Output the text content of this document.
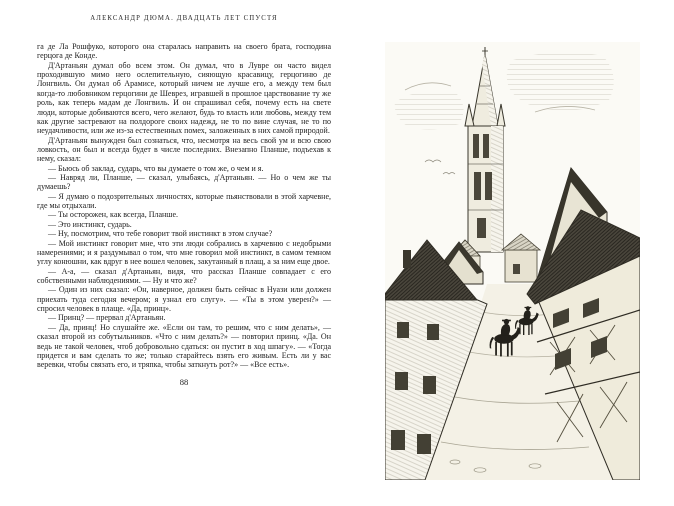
АЛЕКСАНДР ДЮМА. ДВАДЦАТЬ ЛЕТ СПУСТЯ

га де Ла Рошфуко, которого она старалась направить на своего брата, господина герцога де Конде.

Д'Артаньян думал обо всем этом. Он думал, что в Лувре он часто видел проходившую мимо него ослепительную, сияющую красавицу, герцогиню де Лонгвиль. Он думал об Арамисе, который ничем не лучше его, а между тем был когда-то любовником герцогини де Шеврез, игравшей в прошлое царствование ту же роль, как теперь мадам де Лонгвиль. И он спрашивал себя, почему есть на свете люди, которые добиваются всего, чего желают, будь то власть или любовь, между тем как другие застревают на полдороге своих надежд, не то по вине случая, не то по неудачливости, или же из-за естественных помех, заложенных в них самой природой.

Д'Артаньян вынужден был сознаться, что, несмотря на весь свой ум и всю свою ловкость, он был и всегда будет в числе последних. Внезапно Планше, подъехав к нему, сказал:

— Бьюсь об заклад, сударь, что вы думаете о том же, о чем и я.

— Навряд ли, Планше, — сказал, улыбаясь, д'Артаньян. — Но о чем же ты думаешь?

— Я думаю о подозрительных личностях, которые пьянствовали в этой харчевне, где мы отдыхали.

— Ты осторожен, как всегда, Планше.

— Это инстинкт, сударь.

— Ну, посмотрим, что тебе говорит твой инстинкт в этом случае?

— Мой инстинкт говорит мне, что эти люди собрались в харчевню с недобрыми намерениями; и я раздумывал о том, что мне говорил мой инстинкт, в самом темном углу конюшни, как вдруг в нее вошел человек, закутанный в плащ, а за ним еще двое.

— А-а, — сказал д'Артаньян, видя, что рассказ Планше совпадает с его собственными наблюдениями. — Ну и что же?

— Один из них сказал: «Он, наверное, должен быть сейчас в Нуази или должен приехать туда сегодня вечером; я узнал его слугу». — «Ты в этом уверен?» — спросил человек в плаще. «Да, принц».

— Принц? — прервал д'Артаньян.

— Да, принц! Но слушайте же. «Если он там, то решим, что с ним делать», — сказал второй из собутыльников. «Что с ним делать?» — повторил принц. «Да. Он ведь не такой человек, чтоб добровольно сдаться: он пустит в ход шпагу». — «Тогда придется и вам сделать то же; только старайтесь взять его живым. Есть ли у вас веревки, чтобы связать его, и тряпка, чтобы заткнуть рот?» — «Все есть».

88
